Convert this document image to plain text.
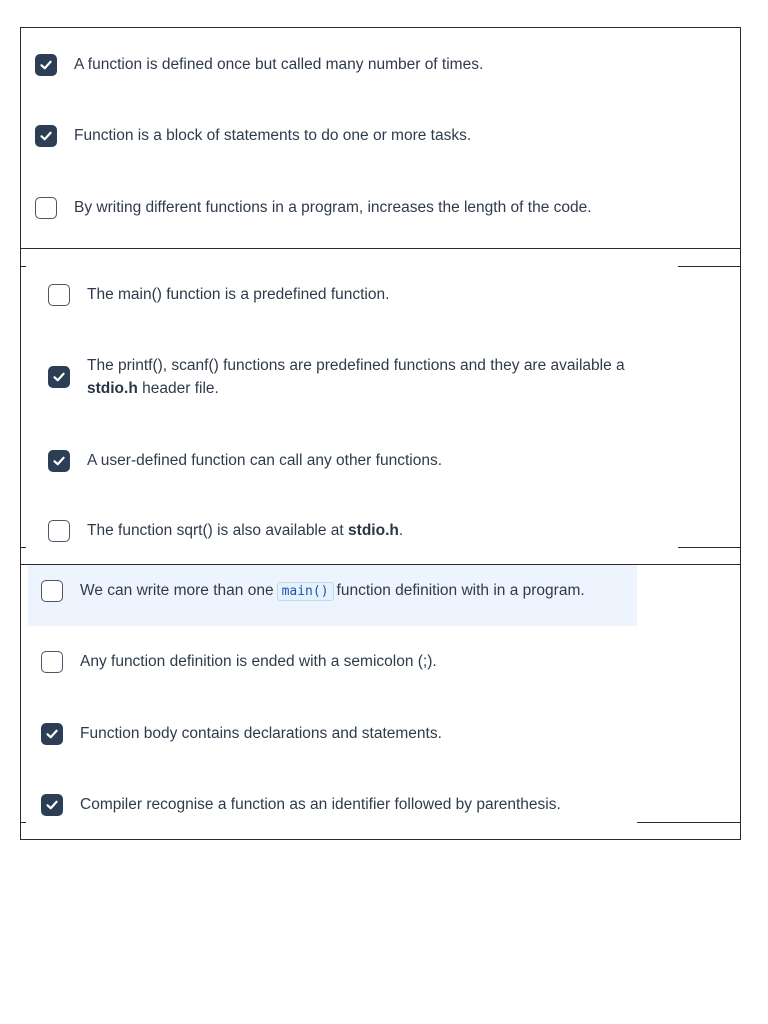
A function is defined once but called many number of times.
Function is a block of statements to do one or more tasks.
By writing different functions in a program, increases the length of the code.
The main() function is a predefined function.
The printf(), scanf() functions are predefined functions and they are available a
stdio.h header file.
A user-defined function can call any other functions.
The function sqrt() is also available at stdio.h.
We can write more than one main() function definition with in a program.
Any function definition is ended with a semicolon (;).
Function body contains declarations and statements.
Compiler recognise a function as an identifier followed by parenthesis.
